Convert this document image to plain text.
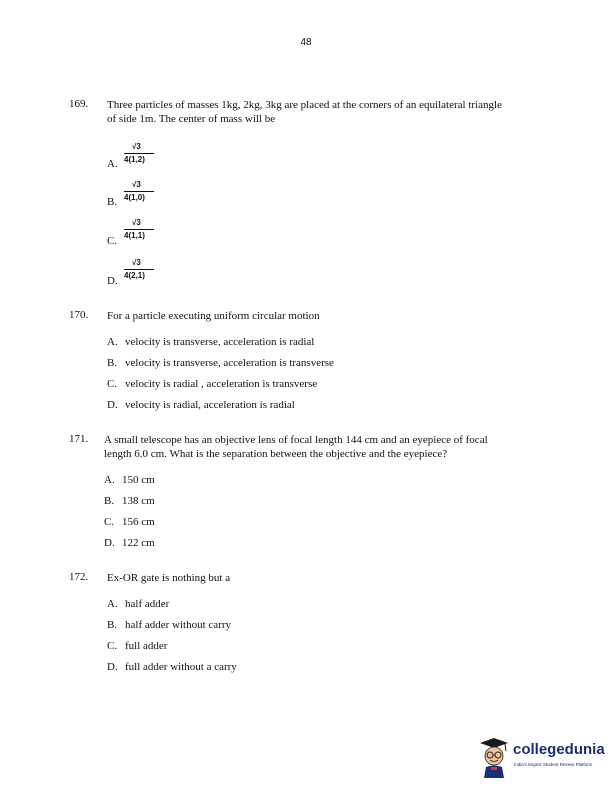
48
169. Three particles of masses 1kg, 2kg, 3kg are placed at the corners of an equilateral triangle
of side 1m. The center of mass will be
A.
√3
4(1,2)
B.
√3
4(1,0)
C.
√3
4(1,1)
D.
√3
4(2,1)
170. For a particle executing uniform circular motion
A. velocity is transverse, acceleration is radial
B. velocity is transverse, acceleration is transverse
C. velocity is radial , acceleration is transverse
D. velocity is radial, acceleration is radial
171. A small telescope has an objective lens of focal length 144 cm and an eyepiece of focal
length 6.0 cm. What is the separation between the objective and the eyepiece?
A. 150 cm
B. 138 cm
C. 156 cm
D. 122 cm
172. Ex-OR gate is nothing but a
A. half adder
B. half adder without carry
C. full adder
D. full adder without a carry
collegedunia
India's largest Student Review Platform
